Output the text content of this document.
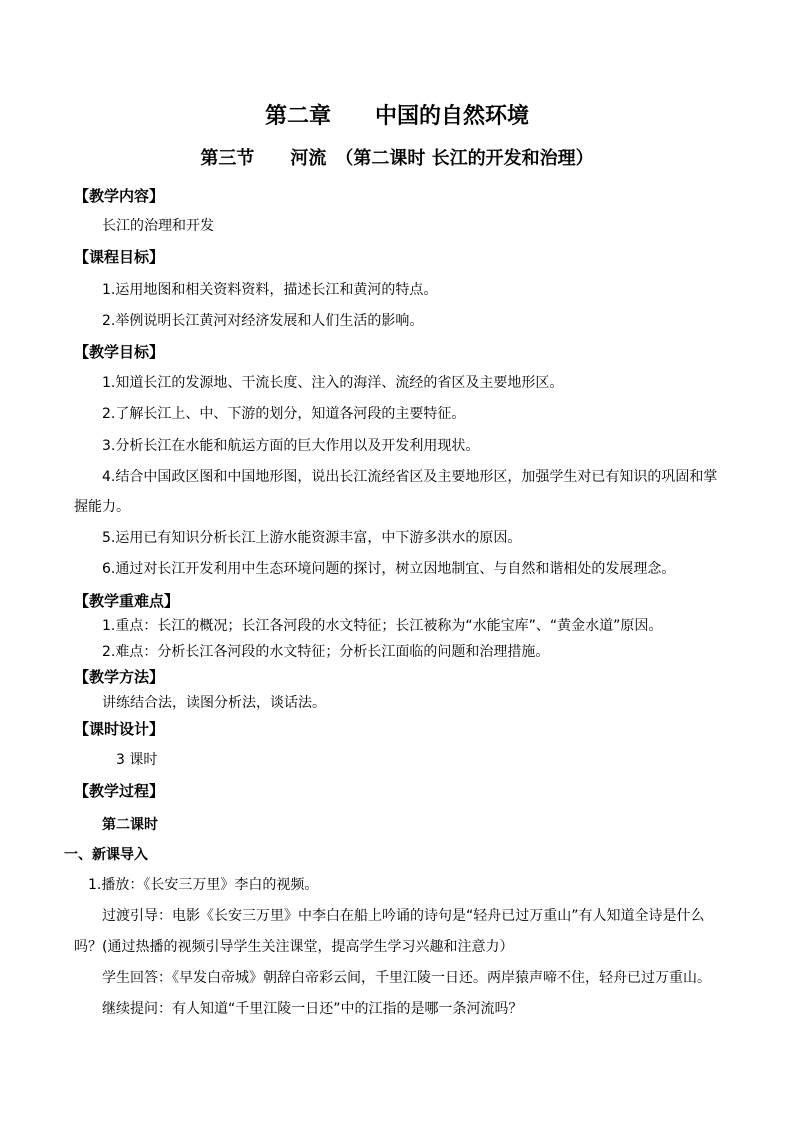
第二章　　中国的自然环境
第三节　　河流　（第二课时 长江的开发和治理）
【教学内容】
长江的治理和开发
【课程目标】
1.运用地图和相关资料资料，描述长江和黄河的特点。
2.举例说明长江黄河对经济发展和人们生活的影响。
【教学目标】
1.知道长江的发源地、干流长度、注入的海洋、流经的省区及主要地形区。
2.了解长江上、中、下游的划分，知道各河段的主要特征。
3.分析长江在水能和航运方面的巨大作用以及开发利用现状。
4.结合中国政区图和中国地形图，说出长江流经省区及主要地形区，加强学生对已有知识的巩固和掌
握能力。
5.运用已有知识分析长江上游水能资源丰富，中下游多洪水的原因。
6.通过对长江开发利用中生态环境问题的探讨，树立因地制宜、与自然和谐相处的发展理念。
【教学重难点】
1.重点：长江的概况；长江各河段的水文特征；长江被称为“水能宝库”、“黄金水道”原因。
2.难点：分析长江各河段的水文特征；分析长江面临的问题和治理措施。
【教学方法】
讲练结合法，读图分析法，谈话法。
【课时设计】
3 课时
【教学过程】
第二课时
一、新课导入
1.播放：《长安三万里》李白的视频。
过渡引导：电影《长安三万里》中李白在船上吟诵的诗句是“轻舟已过万重山”有人知道全诗是什么
吗？(通过热播的视频引导学生关注课堂，提高学生学习兴趣和注意力）
学生回答：《早发白帝城》朝辞白帝彩云间，千里江陵一日还。两岸猿声啼不住，轻舟已过万重山。
继续提问：有人知道“千里江陵一日还”中的江指的是哪一条河流吗？
